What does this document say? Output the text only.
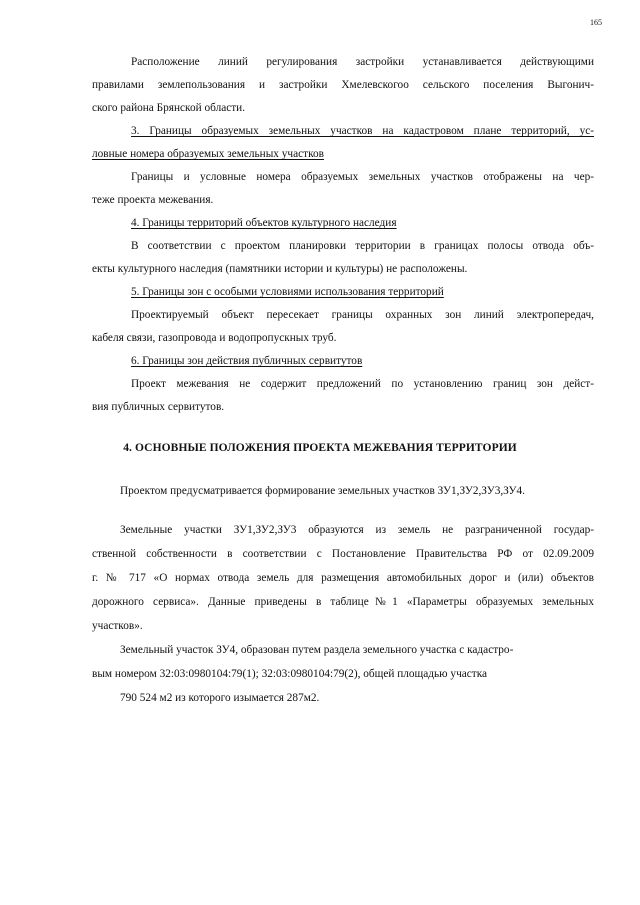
165
Расположение линий регулирования застройки устанавливается действующими
правилами землепользования и застройки Хмелевскогоо сельского поселения Выгонич-
ского района Брянской области.
3. Границы образуемых земельных участков на кадастровом плане территорий, ус-
ловные номера образуемых земельных участков
Границы и условные номера образуемых земельных участков отображены на чер-
теже проекта межевания.
4. Границы территорий объектов культурного наследия
В соответствии с проектом планировки территории в границах полосы отвода объ-
екты культурного наследия (памятники истории и культуры) не расположены.
5. Границы зон с особыми условиями использования территорий
Проектируемый объект пересекает границы охранных зон линий электропередач,
кабеля связи, газопровода и водопропускных труб.
6. Границы зон действия публичных сервитутов
Проект межевания не содержит предложений по установлению границ зон дейст-
вия публичных сервитутов.
4. ОСНОВНЫЕ ПОЛОЖЕНИЯ ПРОЕКТА МЕЖЕВАНИЯ ТЕРРИТОРИИ
Проектом предусматривается формирование земельных участков ЗУ1,ЗУ2,ЗУ3,ЗУ4.
Земельные участки ЗУ1,ЗУ2,ЗУ3 образуются из земель не разграниченной государ-
ственной собственности в соответствии с Постановление Правительства РФ от 02.09.2009
г. № 717 «О нормах отвода земель для размещения автомобильных дорог и (или) объектов
дорожного сервиса». Данные приведены в таблице№1 «Параметры образуемых земельных
участков».
Земельный участок ЗУ4, образован путем раздела земельного участка с кадастро-
вым номером 32:03:0980104:79(1); 32:03:0980104:79(2), общей площадью участка
790 524 м2 из которого изымается 287м2.
